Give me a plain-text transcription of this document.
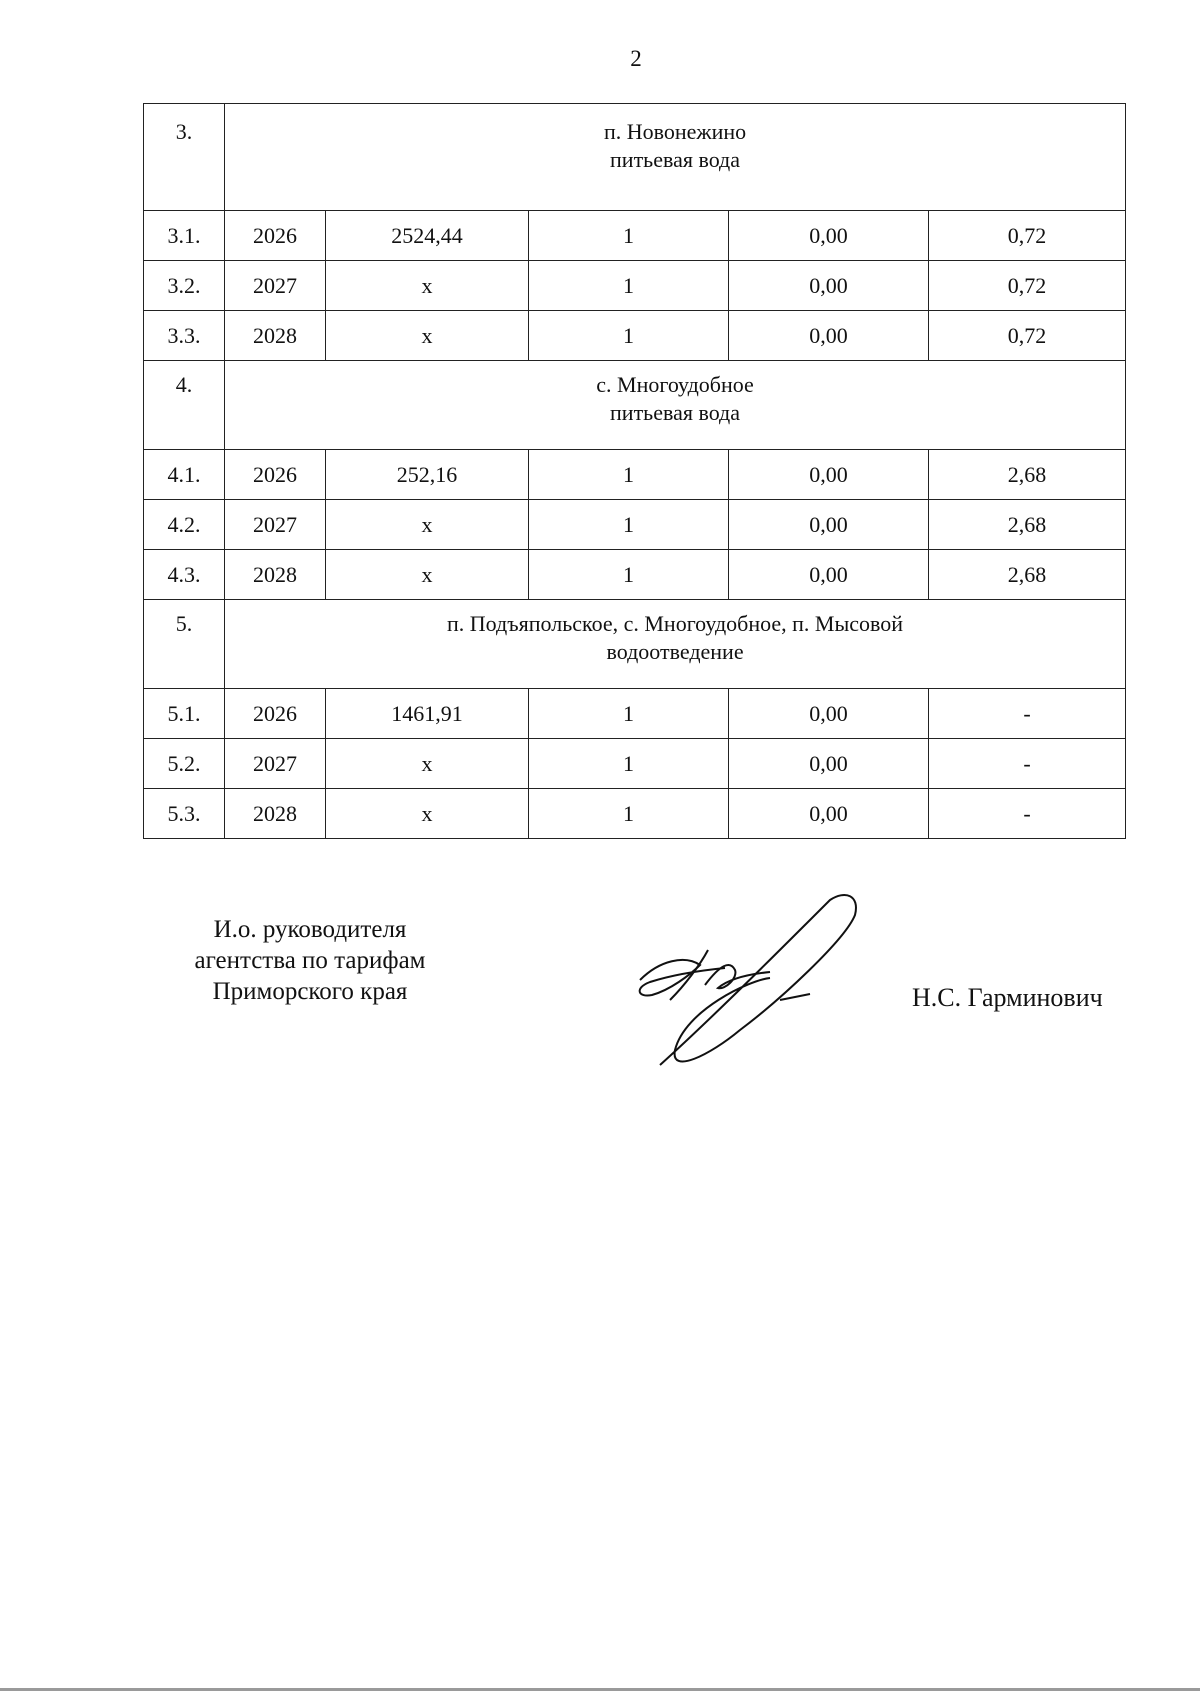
2
3.	п. Новонежино
питьевая вода				

3.1.	2026	2524,44	1	0,00	0,72
3.2.	2027	x	1	0,00	0,72
3.3.	2028	x	1	0,00	0,72
4.	с. Многоудобное
питьевая вода				

4.1.	2026	252,16	1	0,00	2,68
4.2.	2027	x	1	0,00	2,68
4.3.	2028	x	1	0,00	2,68
5.	п. Подъяпольское, с. Многоудобное, п. Мысовой
водоотведение				

5.1.	2026	1461,91	1	0,00	-
5.2.	2027	x	1	0,00	-
5.3.	2028	x	1	0,00	-
И.о. руководителя
агентства по тарифам
Приморского края	Н.С. Гарминович
